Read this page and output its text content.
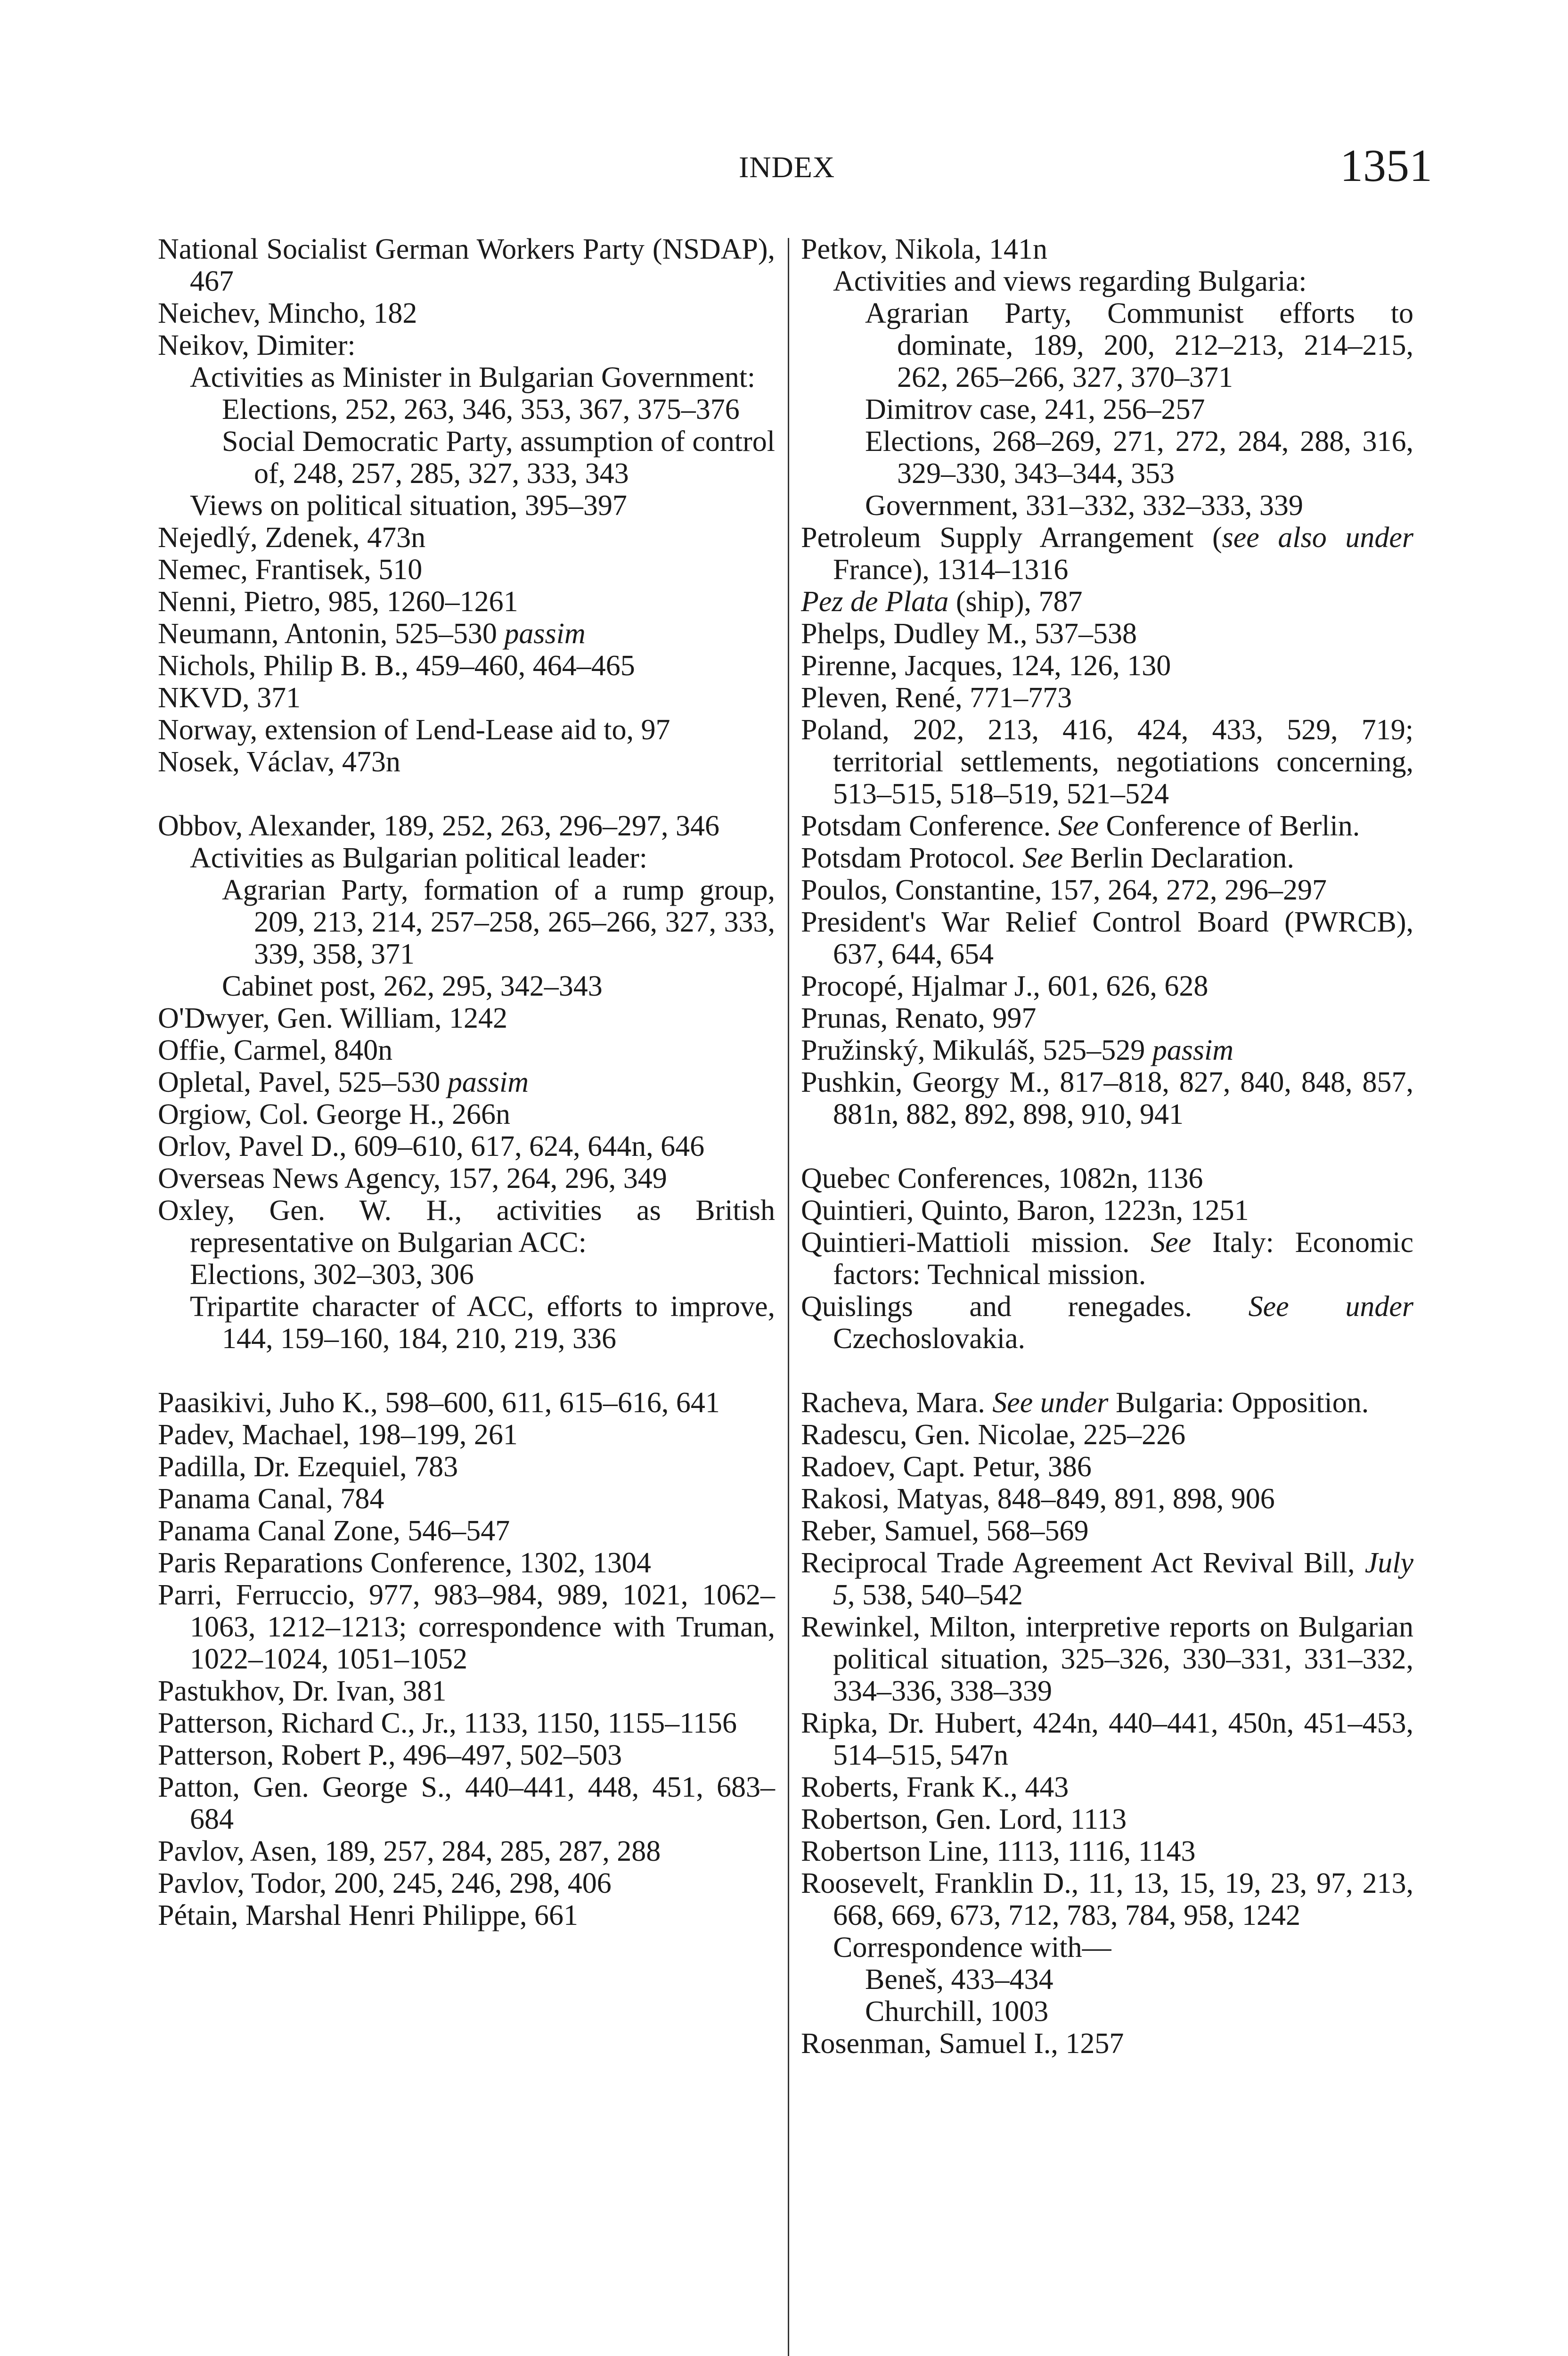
INDEX	1351

National Socialist German Workers Party (NSDAP), 467

Neichev, Mincho, 182

Neikov, Dimiter:

Activities as Minister in Bulgarian Government:

Elections, 252, 263, 346, 353, 367, 375–376

Social Democratic Party, assumption of control of, 248, 257, 285, 327, 333, 343

Views on political situation, 395–397

Nejedlý, Zdenek, 473n

Nemec, Frantisek, 510

Nenni, Pietro, 985, 1260–1261

Neumann, Antonin, 525–530 passim

Nichols, Philip B. B., 459–460, 464–465

NKVD, 371

Norway, extension of Lend-Lease aid to, 97

Nosek, Václav, 473n

Obbov, Alexander, 189, 252, 263, 296–297, 346

Activities as Bulgarian political leader:

Agrarian Party, formation of a rump group, 209, 213, 214, 257–258, 265–266, 327, 333, 339, 358, 371

Cabinet post, 262, 295, 342–343

O'Dwyer, Gen. William, 1242

Offie, Carmel, 840n

Opletal, Pavel, 525–530 passim

Orgiow, Col. George H., 266n

Orlov, Pavel D., 609–610, 617, 624, 644n, 646

Overseas News Agency, 157, 264, 296, 349

Oxley, Gen. W. H., activities as British representative on Bulgarian ACC:

Elections, 302–303, 306

Tripartite character of ACC, efforts to improve, 144, 159–160, 184, 210, 219, 336

Paasikivi, Juho K., 598–600, 611, 615–616, 641

Padev, Machael, 198–199, 261

Padilla, Dr. Ezequiel, 783

Panama Canal, 784

Panama Canal Zone, 546–547

Paris Reparations Conference, 1302, 1304

Parri, Ferruccio, 977, 983–984, 989, 1021, 1062–1063, 1212–1213; correspondence with Truman, 1022–1024, 1051–1052

Pastukhov, Dr. Ivan, 381

Patterson, Richard C., Jr., 1133, 1150, 1155–1156

Patterson, Robert P., 496–497, 502–503

Patton, Gen. George S., 440–441, 448, 451, 683–684

Pavlov, Asen, 189, 257, 284, 285, 287, 288

Pavlov, Todor, 200, 245, 246, 298, 406

Pétain, Marshal Henri Philippe, 661

Petkov, Nikola, 141n

Activities and views regarding Bulgaria:

Agrarian Party, Communist efforts to dominate, 189, 200, 212–213, 214–215, 262, 265–266, 327, 370–371

Dimitrov case, 241, 256–257

Elections, 268–269, 271, 272, 284, 288, 316, 329–330, 343–344, 353

Government, 331–332, 332–333, 339

Petroleum Supply Arrangement (see also under France), 1314–1316

Pez de Plata (ship), 787

Phelps, Dudley M., 537–538

Pirenne, Jacques, 124, 126, 130

Pleven, René, 771–773

Poland, 202, 213, 416, 424, 433, 529, 719; territorial settlements, negotiations concerning, 513–515, 518–519, 521–524

Potsdam Conference. See Conference of Berlin.

Potsdam Protocol. See Berlin Declaration.

Poulos, Constantine, 157, 264, 272, 296–297

President's War Relief Control Board (PWRCB), 637, 644, 654

Procopé, Hjalmar J., 601, 626, 628

Prunas, Renato, 997

Pružinský, Mikuláš, 525–529 passim

Pushkin, Georgy M., 817–818, 827, 840, 848, 857, 881n, 882, 892, 898, 910, 941

Quebec Conferences, 1082n, 1136

Quintieri, Quinto, Baron, 1223n, 1251

Quintieri-Mattioli mission. See Italy: Economic factors: Technical mission.

Quislings and renegades. See under Czechoslovakia.

Racheva, Mara. See under Bulgaria: Opposition.

Radescu, Gen. Nicolae, 225–226

Radoev, Capt. Petur, 386

Rakosi, Matyas, 848–849, 891, 898, 906

Reber, Samuel, 568–569

Reciprocal Trade Agreement Act Revival Bill, July 5, 538, 540–542

Rewinkel, Milton, interpretive reports on Bulgarian political situation, 325–326, 330–331, 331–332, 334–336, 338–339

Ripka, Dr. Hubert, 424n, 440–441, 450n, 451–453, 514–515, 547n

Roberts, Frank K., 443

Robertson, Gen. Lord, 1113

Robertson Line, 1113, 1116, 1143

Roosevelt, Franklin D., 11, 13, 15, 19, 23, 97, 213, 668, 669, 673, 712, 783, 784, 958, 1242

Correspondence with—

Beneš, 433–434

Churchill, 1003

Rosenman, Samuel I., 1257
